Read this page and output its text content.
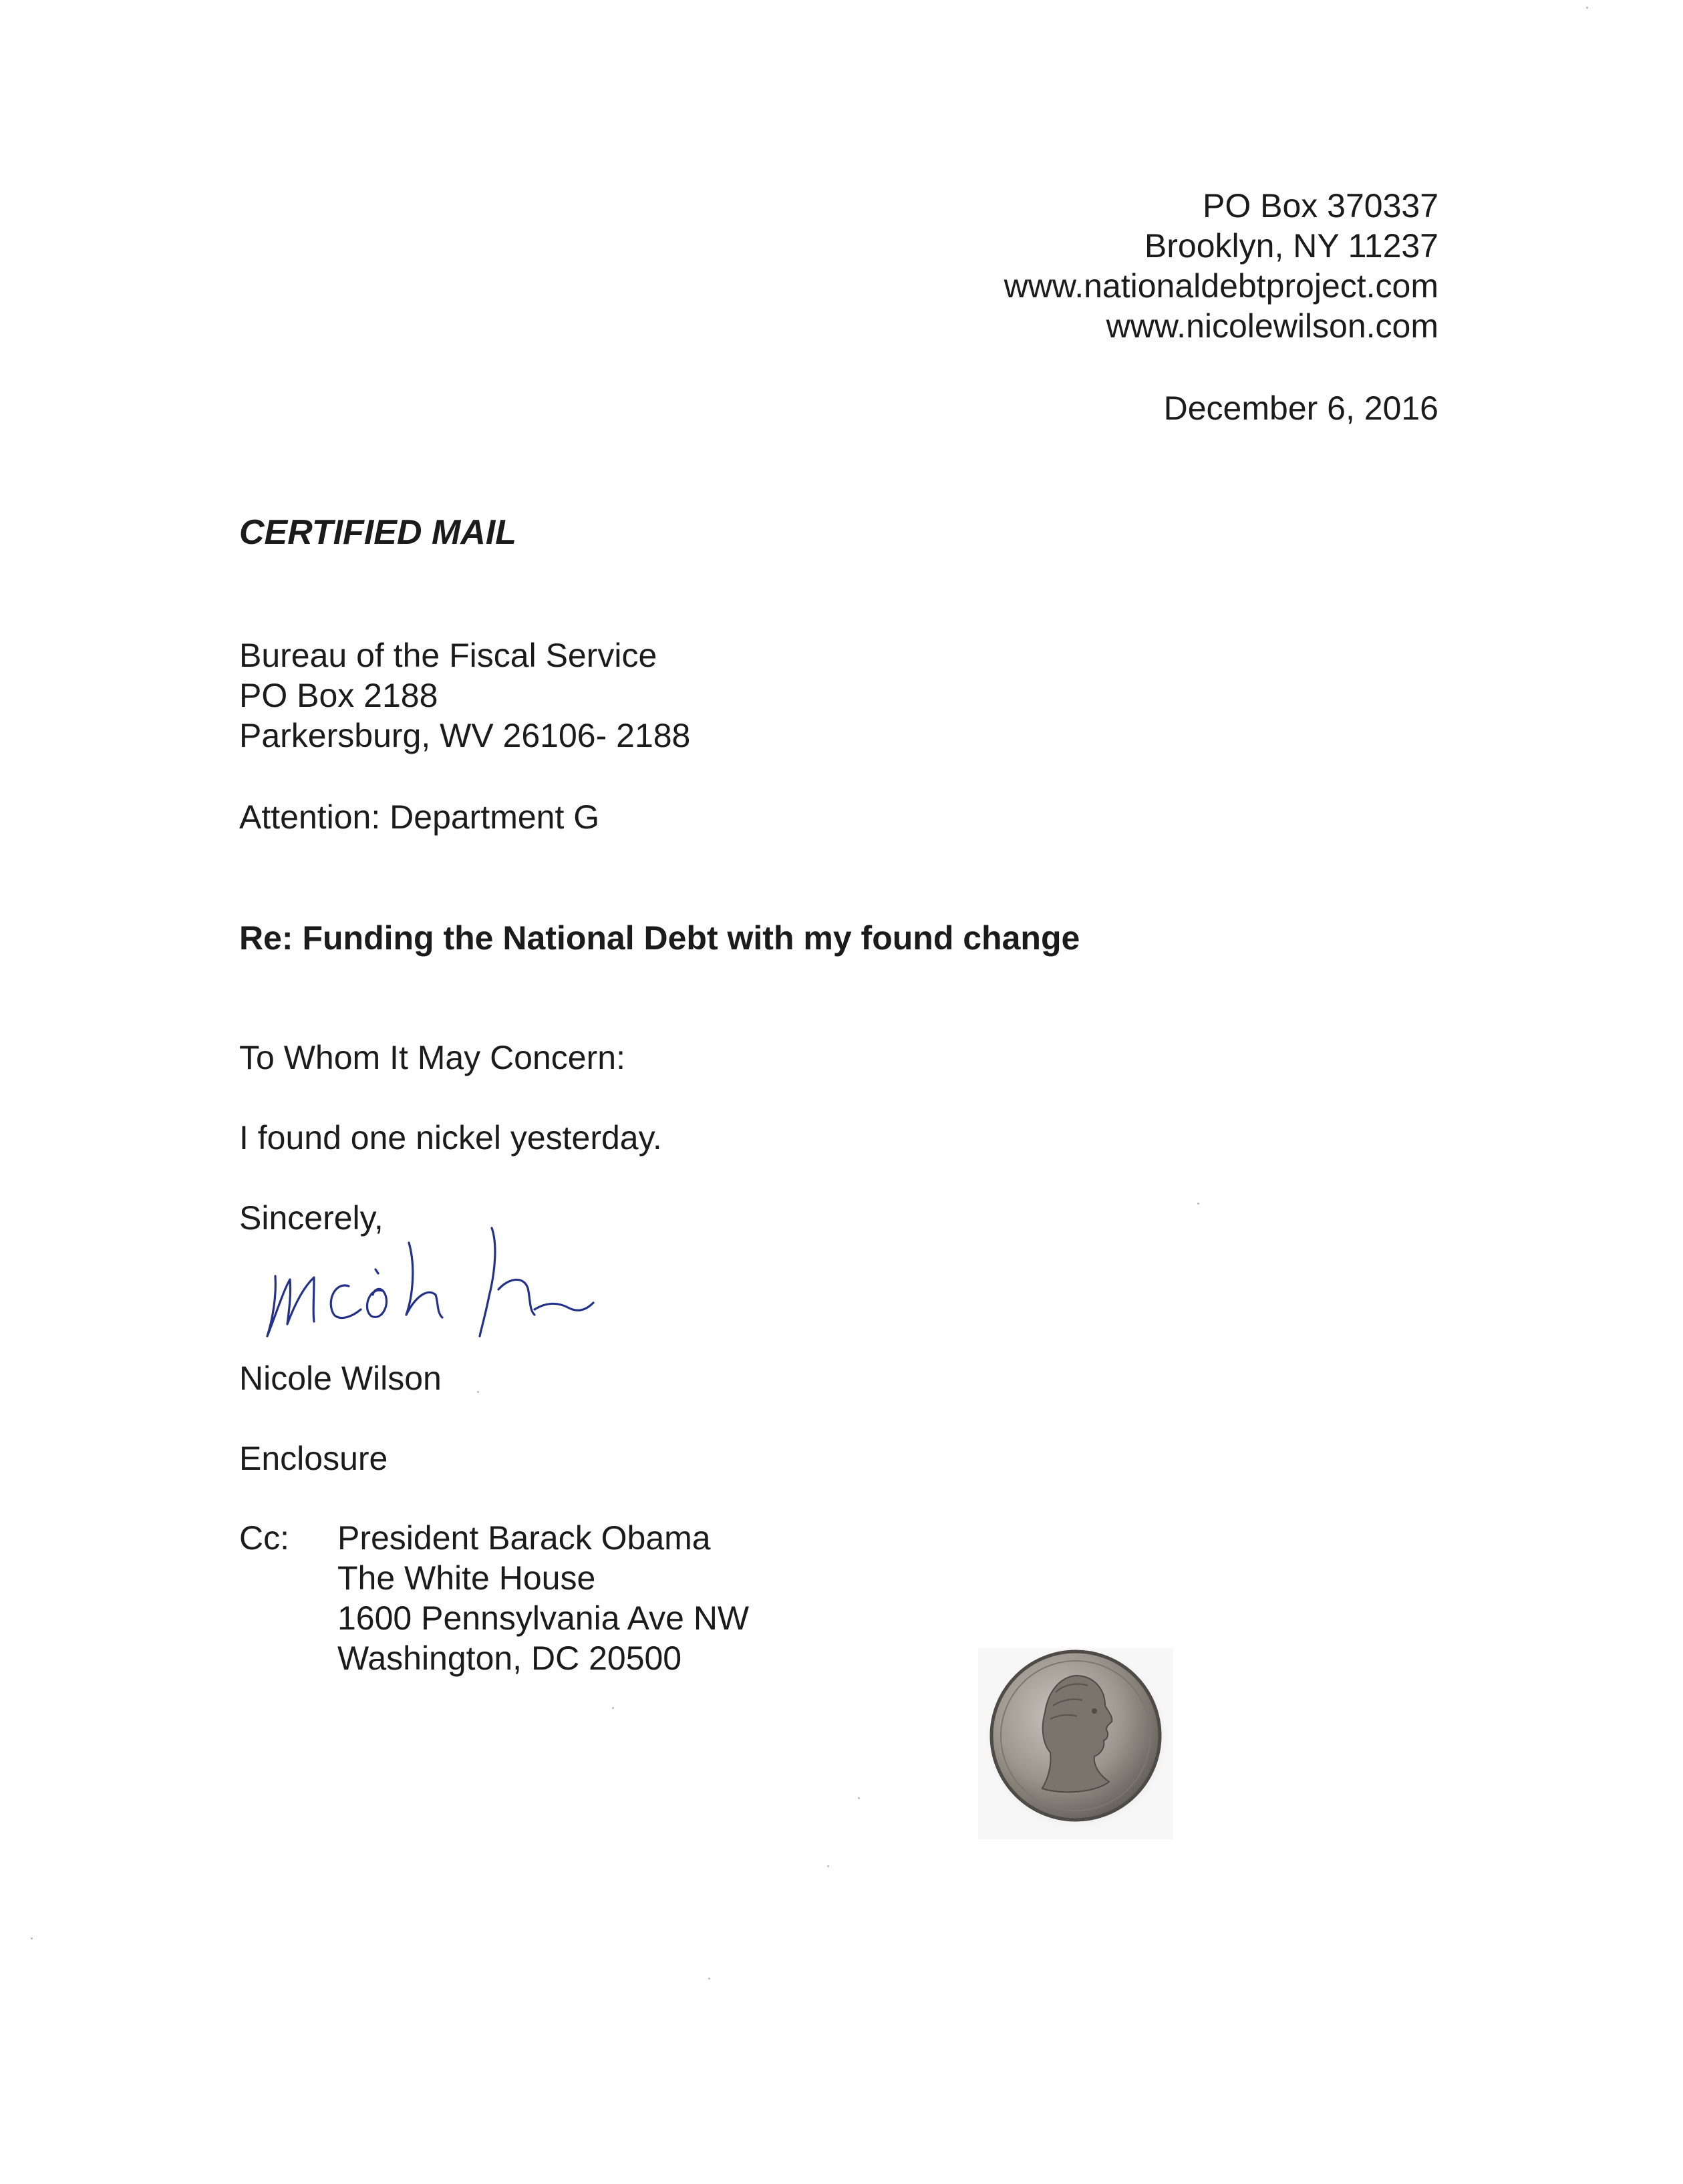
PO Box 370337
Brooklyn, NY 11237
www.nationaldebtproject.com
www.nicolewilson.com
December 6, 2016
CERTIFIED MAIL
Bureau of the Fiscal Service
PO Box 2188
Parkersburg, WV 26106- 2188
Attention: Department G
Re: Funding the National Debt with my found change
To Whom It May Concern:
I found one nickel yesterday.
Sincerely,
Nicole Wilson
Enclosure
Cc: President Barack Obama
The White House
1600 Pennsylvania Ave NW
Washington, DC 20500
